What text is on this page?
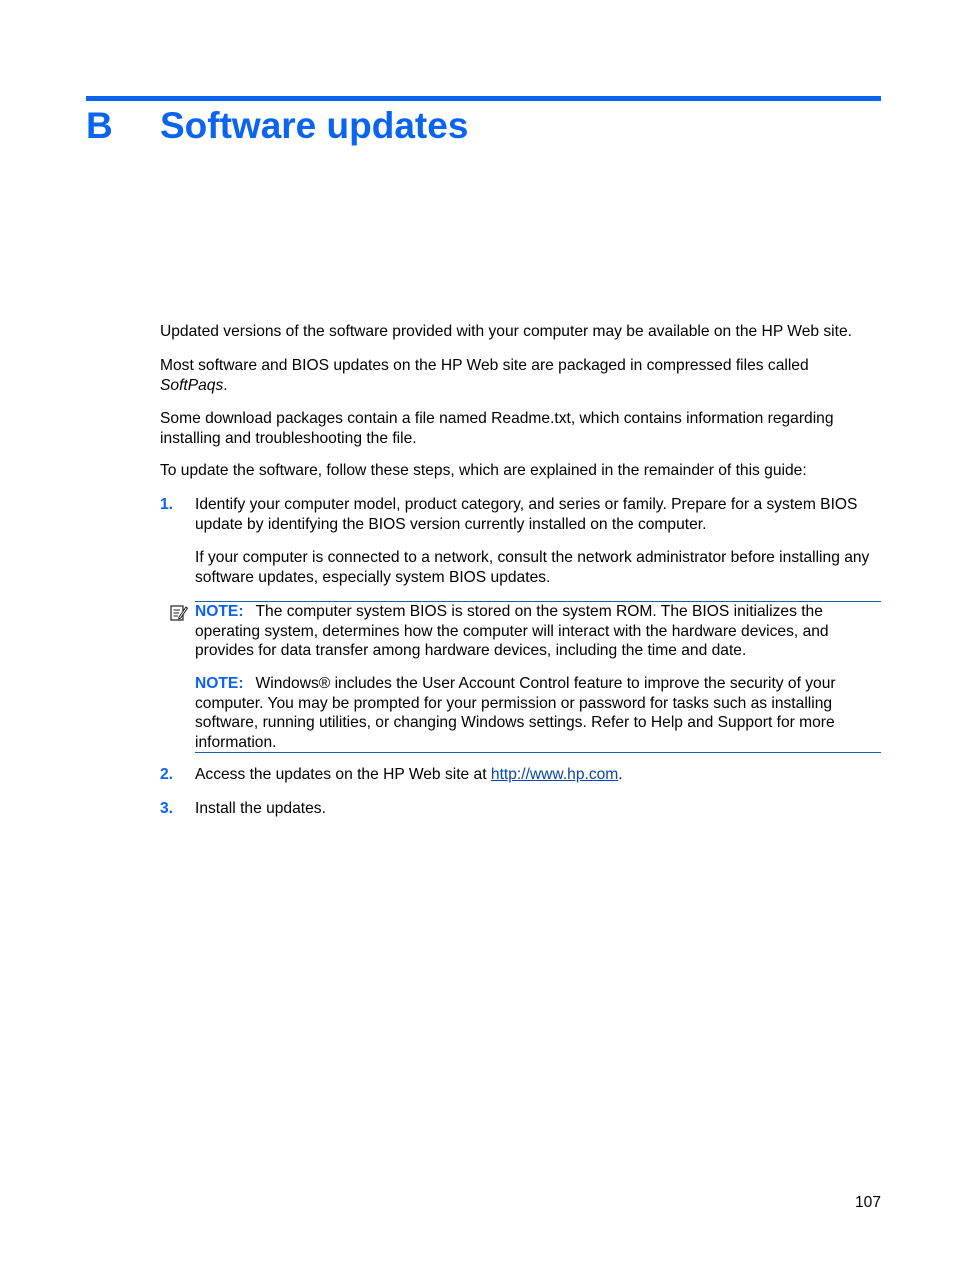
B Software updates

Updated versions of the software provided with your computer may be available on the HP Web site.

Most software and BIOS updates on the HP Web site are packaged in compressed files called
SoftPaqs.

Some download packages contain a file named Readme.txt, which contains information regarding installing and troubleshooting the file.

To update the software, follow these steps, which are explained in the remainder of this guide:

1. Identify your computer model, product category, and series or family. Prepare for a system BIOS update by identifying the BIOS version currently installed on the computer.
If your computer is connected to a network, consult the network administrator before installing any software updates, especially system BIOS updates.
NOTE: The computer system BIOS is stored on the system ROM. The BIOS initializes the operating system, determines how the computer will interact with the hardware devices, and provides for data transfer among hardware devices, including the time and date.
NOTE: Windows® includes the User Account Control feature to improve the security of your computer. You may be prompted for your permission or password for tasks such as installing software, running utilities, or changing Windows settings. Refer to Help and Support for more information.
2. Access the updates on the HP Web site at http://www.hp.com.
3. Install the updates.
107
